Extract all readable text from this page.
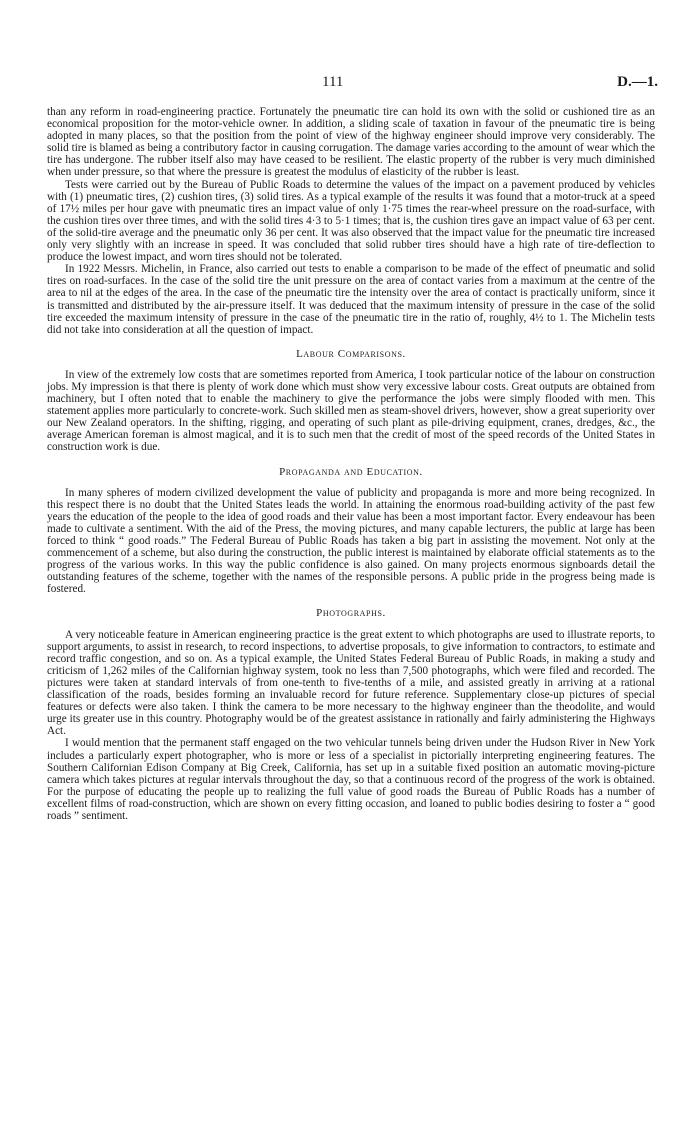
111	D.—1.

than any reform in road-engineering practice. Fortunately the pneumatic tire can hold its own with the solid or cushioned tire as an economical proposition for the motor-vehicle owner. In addition, a sliding scale of taxation in favour of the pneumatic tire is being adopted in many places, so that the position from the point of view of the highway engineer should improve very considerably. The solid tire is blamed as being a contributory factor in causing corrugation. The damage varies according to the amount of wear which the tire has undergone. The rubber itself also may have ceased to be resilient. The elastic property of the rubber is very much diminished when under pressure, so that where the pressure is greatest the modulus of elasticity of the rubber is least.

Tests were carried out by the Bureau of Public Roads to determine the values of the impact on a pavement produced by vehicles with (1) pneumatic tires, (2) cushion tires, (3) solid tires. As a typical example of the results it was found that a motor-truck at a speed of 17½ miles per hour gave with pneumatic tires an impact value of only 1·75 times the rear-wheel pressure on the road-surface, with the cushion tires over three times, and with the solid tires 4·3 to 5·1 times; that is, the cushion tires gave an impact value of 63 per cent. of the solid-tire average and the pneumatic only 36 per cent. It was also observed that the impact value for the pneumatic tire increased only very slightly with an increase in speed. It was concluded that solid rubber tires should have a high rate of tire-deflection to produce the lowest impact, and worn tires should not be tolerated.

In 1922 Messrs. Michelin, in France, also carried out tests to enable a comparison to be made of the effect of pneumatic and solid tires on road-surfaces. In the case of the solid tire the unit pressure on the area of contact varies from a maximum at the centre of the area to nil at the edges of the area. In the case of the pneumatic tire the intensity over the area of contact is practically uniform, since it is transmitted and distributed by the air-pressure itself. It was deduced that the maximum intensity of pressure in the case of the solid tire exceeded the maximum intensity of pressure in the case of the pneumatic tire in the ratio of, roughly, 4½ to 1. The Michelin tests did not take into consideration at all the question of impact.

Labour Comparisons.

In view of the extremely low costs that are sometimes reported from America, I took particular notice of the labour on construction jobs. My impression is that there is plenty of work done which must show very excessive labour costs. Great outputs are obtained from machinery, but I often noted that to enable the machinery to give the performance the jobs were simply flooded with men. This statement applies more particularly to concrete-work. Such skilled men as steam-shovel drivers, however, show a great superiority over our New Zealand operators. In the shifting, rigging, and operating of such plant as pile-driving equipment, cranes, dredges, &c., the average American foreman is almost magical, and it is to such men that the credit of most of the speed records of the United States in construction work is due.

Propaganda and Education.

In many spheres of modern civilized development the value of publicity and propaganda is more and more being recognized. In this respect there is no doubt that the United States leads the world. In attaining the enormous road-building activity of the past few years the education of the people to the idea of good roads and their value has been a most important factor. Every endeavour has been made to cultivate a sentiment. With the aid of the Press, the moving pictures, and many capable lecturers, the public at large has been forced to think “ good roads.” The Federal Bureau of Public Roads has taken a big part in assisting the movement. Not only at the commencement of a scheme, but also during the construction, the public interest is maintained by elaborate official statements as to the progress of the various works. In this way the public confidence is also gained. On many projects enormous signboards detail the outstanding features of the scheme, together with the names of the responsible persons. A public pride in the progress being made is fostered.

Photographs.

A very noticeable feature in American engineering practice is the great extent to which photographs are used to illustrate reports, to support arguments, to assist in research, to record inspections, to advertise proposals, to give information to contractors, to estimate and record traffic congestion, and so on. As a typical example, the United States Federal Bureau of Public Roads, in making a study and criticism of 1,262 miles of the Californian highway system, took no less than 7,500 photographs, which were filed and recorded. The pictures were taken at standard intervals of from one-tenth to five-tenths of a mile, and assisted greatly in arriving at a rational classification of the roads, besides forming an invaluable record for future reference. Supplementary close-up pictures of special features or defects were also taken. I think the camera to be more necessary to the highway engineer than the theodolite, and would urge its greater use in this country. Photography would be of the greatest assistance in rationally and fairly administering the Highways Act.

I would mention that the permanent staff engaged on the two vehicular tunnels being driven under the Hudson River in New York includes a particularly expert photographer, who is more or less of a specialist in pictorially interpreting engineering features. The Southern Californian Edison Company at Big Creek, California, has set up in a suitable fixed position an automatic moving-picture camera which takes pictures at regular intervals throughout the day, so that a continuous record of the progress of the work is obtained. For the purpose of educating the people up to realizing the full value of good roads the Bureau of Public Roads has a number of excellent films of road-construction, which are shown on every fitting occasion, and loaned to public bodies desiring to foster a “ good roads ” sentiment.
